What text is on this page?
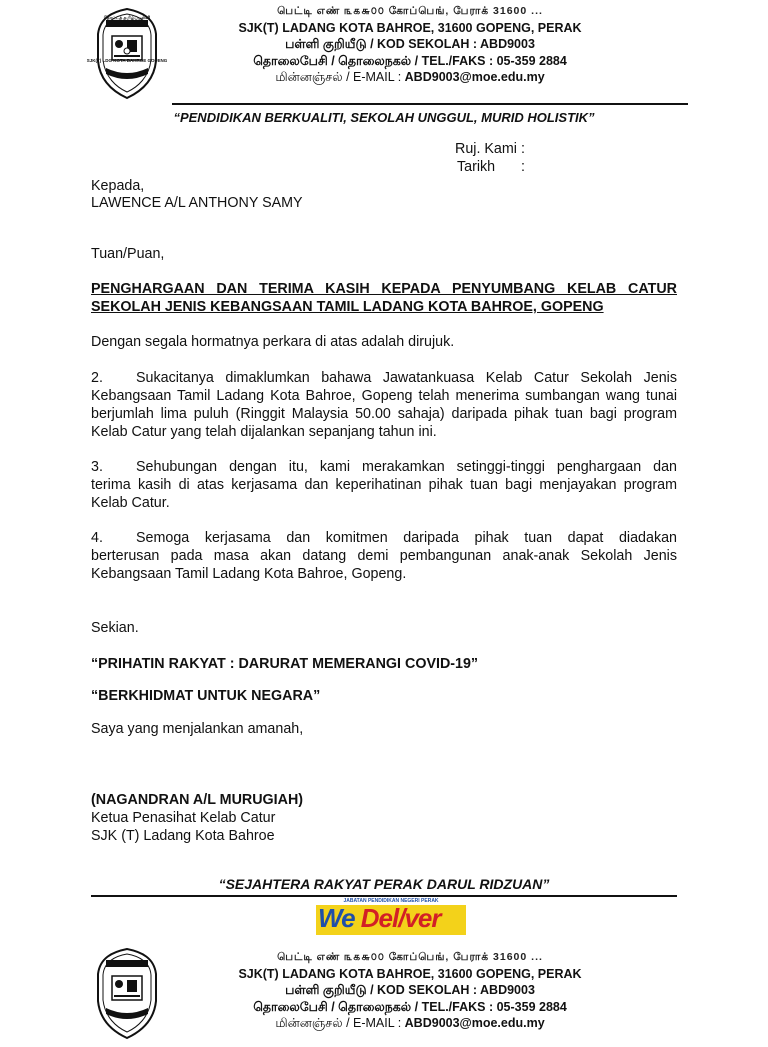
SJK(T) LDG KOTA BAHROE GOPENG
தோட்டத் தமிழ்ப்பள்ளி
பெட்டி எண் ௩௧௬௦௦ கோப்பெங், பேராக் 31600 ...
SJK(T) LADANG KOTA BAHROE, 31600 GOPENG, PERAK
பள்ளி குறியீடு / KOD SEKOLAH : ABD9003
தொலைபேசி / தொலைநகல் / TEL./FAKS : 05-359 2884
மின்னஞ்சல் / E-MAIL : ABD9003@moe.edu.my
“PENDIDIKAN BERKUALITI, SEKOLAH UNGGUL, MURID HOLISTIK”
Ruj. Kami :
Tarikh :
Kepada,
LAWENCE A/L ANTHONY SAMY
Tuan/Puan,
PENGHARGAAN DAN TERIMA KASIH KEPADA PENYUMBANG KELAB CATUR
SEKOLAH JENIS KEBANGSAAN TAMIL LADANG KOTA BAHROE, GOPENG
Dengan segala hormatnya perkara di atas adalah dirujuk.
2. Sukacitanya dimaklumkan bahawa Jawatankuasa Kelab Catur Sekolah Jenis
Kebangsaan Tamil Ladang Kota Bahroe, Gopeng telah menerima sumbangan wang tunai berjumlah lima puluh (Ringgit Malaysia 50.00 sahaja) daripada pihak tuan bagi program Kelab Catur yang telah dijalankan sepanjang tahun ini.
3. Sehubungan dengan itu, kami merakamkan setinggi-tinggi penghargaan dan
terima kasih di atas kerjasama dan keperihatinan pihak tuan bagi menjayakan program Kelab Catur.
4. Semoga kerjasama dan komitmen daripada pihak tuan dapat diadakan
berterusan pada masa akan datang demi pembangunan anak-anak Sekolah Jenis Kebangsaan Tamil Ladang Kota Bahroe, Gopeng.
Sekian.
“PRIHATIN RAKYAT : DARURAT MEMERANGI COVID-19”
“BERKHIDMAT UNTUK NEGARA”
Saya yang menjalankan amanah,
(NAGANDRAN A/L MURUGIAH)
Ketua Penasihat Kelab Catur
SJK (T) Ladang Kota Bahroe
“SEJAHTERA RAKYAT PERAK DARUL RIDZUAN”
JABATAN PENDIDIKAN NEGERI PERAK
We Del/ver
பெட்டி எண் ௩௧௬௦௦ கோப்பெங், பேராக் 31600 ...
SJK(T) LADANG KOTA BAHROE, 31600 GOPENG, PERAK
பள்ளி குறியீடு / KOD SEKOLAH : ABD9003
தொலைபேசி / தொலைநகல் / TEL./FAKS : 05-359 2884
மின்னஞ்சல் / E-MAIL : ABD9003@moe.edu.my
